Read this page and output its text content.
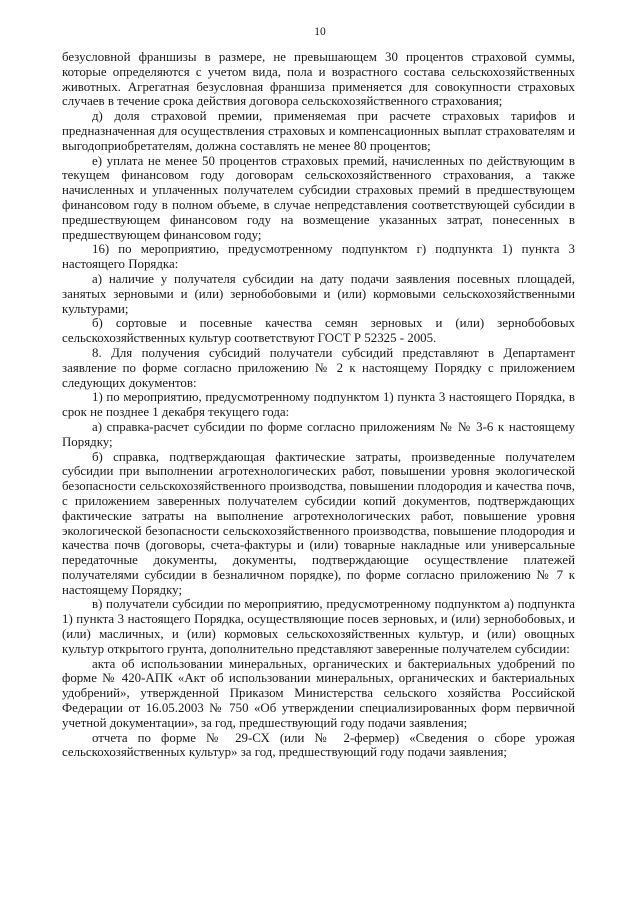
10

безусловной франшизы в размере, не превышающем 30 процентов страховой суммы, которые определяются с учетом вида, пола и возрастного состава сельскохозяйственных животных. Агрегатная безусловная франшиза применяется для совокупности страховых случаев в течение срока действия договора сельскохозяйственного страхования;

д) доля страховой премии, применяемая при расчете страховых тарифов и предназначенная для осуществления страховых и компенсационных выплат страхователям и выгодоприобретателям, должна составлять не менее 80 процентов;

е) уплата не менее 50 процентов страховых премий, начисленных по действующим в текущем финансовом году договорам сельскохозяйственного страхования, а также начисленных и уплаченных получателем субсидии страховых премий в предшествующем финансовом году в полном объеме, в случае непредставления соответствующей субсидии в предшествующем финансовом году на возмещение указанных затрат, понесенных в предшествующем финансовом году;

16) по мероприятию, предусмотренному подпунктом г) подпункта 1) пункта 3 настоящего Порядка:

а) наличие у получателя субсидии на дату подачи заявления посевных площадей, занятых зерновыми и (или) зернобобовыми и (или) кормовыми сельскохозяйственными культурами;

б) сортовые и посевные качества семян зерновых и (или) зернобобовых сельскохозяйственных культур соответствуют ГОСТ Р 52325 - 2005.

8. Для получения субсидий получатели субсидий представляют в Департамент заявление по форме согласно приложению № 2 к настоящему Порядку с приложением следующих документов:

1) по мероприятию, предусмотренному подпунктом 1) пункта 3 настоящего Порядка, в срок не позднее 1 декабря текущего года:

а) справка-расчет субсидии по форме согласно приложениям № № 3-6 к настоящему Порядку;

б) справка, подтверждающая фактические затраты, произведенные получателем субсидии при выполнении агротехнологических работ, повышении уровня экологической безопасности сельскохозяйственного производства, повышении плодородия и качества почв, с приложением заверенных получателем субсидии копий документов, подтверждающих фактические затраты на выполнение агротехнологических работ, повышение уровня экологической безопасности сельскохозяйственного производства, повышение плодородия и качества почв (договоры, счета-фактуры и (или) товарные накладные или универсальные передаточные документы, документы, подтверждающие осуществление платежей получателями субсидии в безналичном порядке), по форме согласно приложению № 7 к настоящему Порядку;

в) получатели субсидии по мероприятию, предусмотренному подпунктом а) подпункта 1) пункта 3 настоящего Порядка, осуществляющие посев зерновых, и (или) зернобобовых, и (или) масличных, и (или) кормовых сельскохозяйственных культур, и (или) овощных культур открытого грунта, дополнительно представляют заверенные получателем субсидии:

акта об использовании минеральных, органических и бактериальных удобрений по форме № 420-АПК «Акт об использовании минеральных, органических и бактериальных удобрений», утвержденной Приказом Министерства сельского хозяйства Российской Федерации от 16.05.2003 № 750 «Об утверждении специализированных форм первичной учетной документации», за год, предшествующий году подачи заявления;

отчета по форме № 29-СХ (или № 2-фермер) «Сведения о сборе урожая сельскохозяйственных культур» за год, предшествующий году подачи заявления;
